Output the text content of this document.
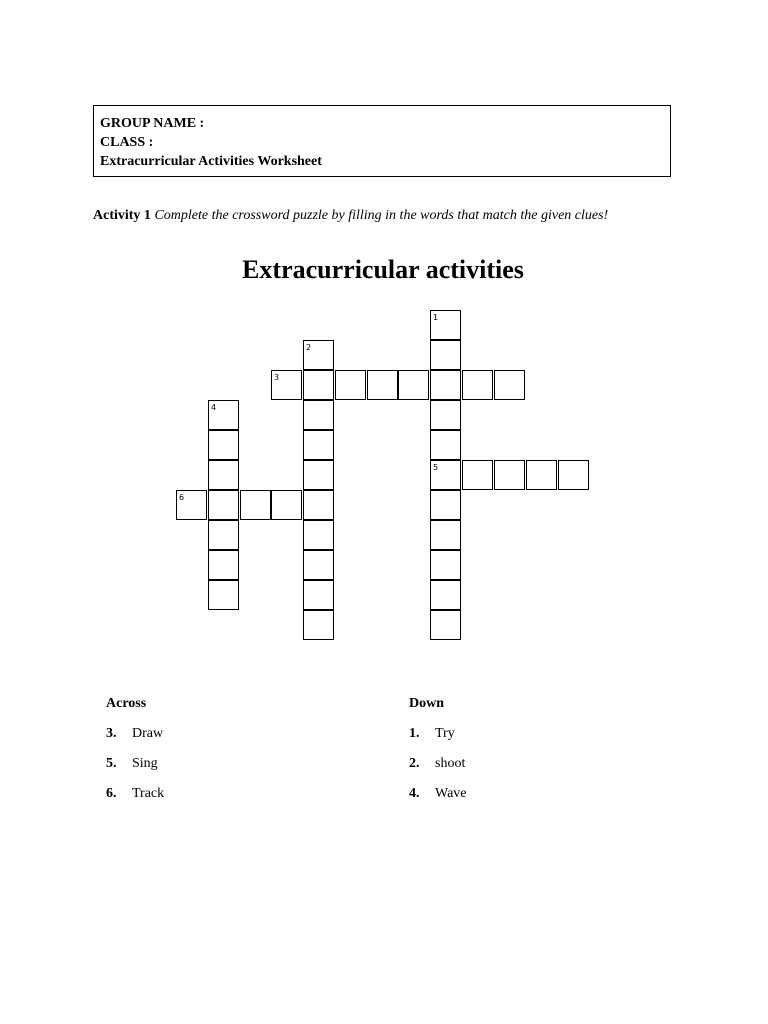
GROUP NAME :
CLASS :
Extracurricular Activities Worksheet
Activity 1 Complete the crossword puzzle by filling in the words that match the given clues!
Extracurricular activities
1
5
2
3
4
6
Across
3. Draw
5. Sing
6. Track
Down
1. Try
2. shoot
4. Wave
